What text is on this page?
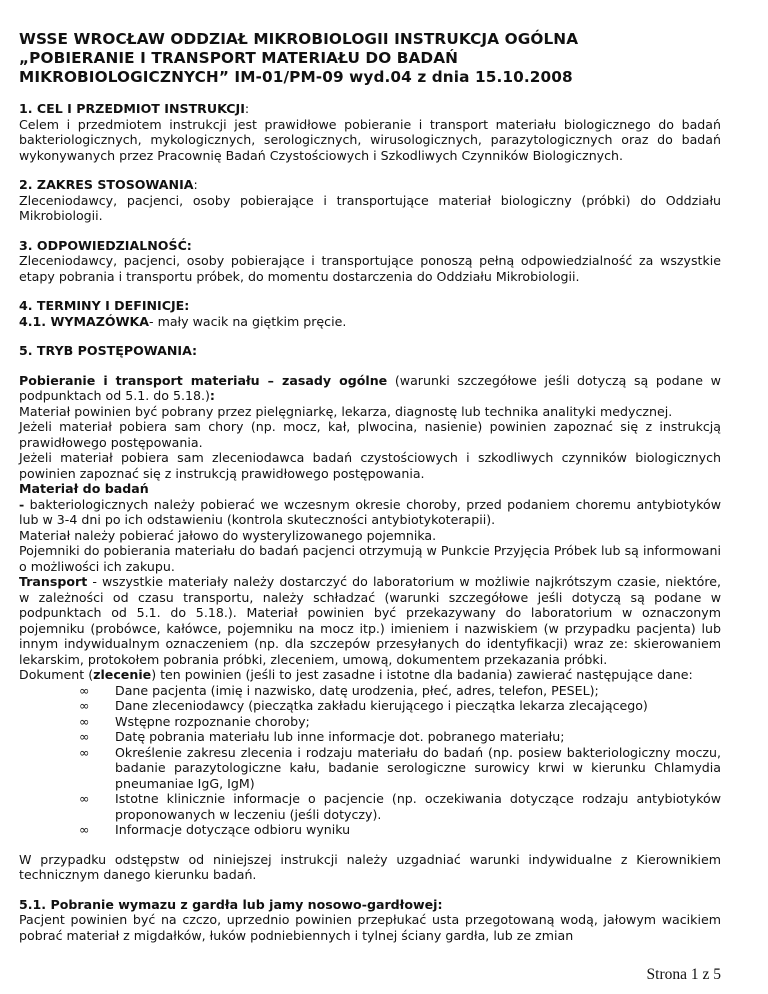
WSSE WROCŁAW ODDZIAŁ MIKROBIOLOGII INSTRUKCJA OGÓLNA
„POBIERANIE I TRANSPORT MATERIAŁU DO BADAŃ
MIKROBIOLOGICZNYCH” IM-01/PM-09 wyd.04 z dnia 15.10.2008
1. CEL I PRZEDMIOT INSTRUKCJI:

Celem i przedmiotem instrukcji jest prawidłowe pobieranie i transport materiału biologicznego do badań bakteriologicznych, mykologicznych, serologicznych, wirusologicznych, parazytologicznych oraz do badań wykonywanych przez Pracownię Badań Czystościowych i Szkodliwych Czynników Biologicznych.

2. ZAKRES STOSOWANIA:

Zleceniodawcy, pacjenci, osoby pobierające i transportujące materiał biologiczny (próbki) do Oddziału Mikrobiologii.

3. ODPOWIEDZIALNOŚĆ:

Zleceniodawcy, pacjenci, osoby pobierające i transportujące ponoszą pełną odpowiedzialność za wszystkie etapy pobrania i transportu próbek, do momentu dostarczenia do Oddziału Mikrobiologii.

4. TERMINY I DEFINICJE:
4.1. WYMAZÓWKA- mały wacik na giętkim pręcie.
5. TRYB POSTĘPOWANIA:

Pobieranie i transport materiału – zasady ogólne (warunki szczegółowe jeśli dotyczą są podane w podpunktach od 5.1. do 5.18.):

Materiał powinien być pobrany przez pielęgniarkę, lekarza, diagnostę lub technika analityki medycznej.

Jeżeli materiał pobiera sam chory (np. mocz, kał, plwocina, nasienie) powinien zapoznać się z instrukcją prawidłowego postępowania.

Jeżeli materiał pobiera sam zleceniodawca badań czystościowych i szkodliwych czynników biologicznych powinien zapoznać się z instrukcją prawidłowego postępowania.

Materiał do badań

- bakteriologicznych należy pobierać we wczesnym okresie choroby, przed podaniem choremu antybiotyków lub w 3-4 dni po ich odstawieniu (kontrola skuteczności antybiotykoterapii).

Materiał należy pobierać jałowo do wysterylizowanego pojemnika.

Pojemniki do pobierania materiału do badań pacjenci otrzymują w Punkcie Przyjęcia Próbek lub są informowani o możliwości ich zakupu.

Transport - wszystkie materiały należy dostarczyć do laboratorium w możliwie najkrótszym czasie, niektóre, w zależności od czasu transportu, należy schładzać (warunki szczegółowe jeśli dotyczą są podane w podpunktach od 5.1. do 5.18.). Materiał powinien być przekazywany do laboratorium w oznaczonym pojemniku (probówce, kałówce, pojemniku na mocz itp.) imieniem i nazwiskiem (w przypadku pacjenta) lub innym indywidualnym oznaczeniem (np. dla szczepów przesyłanych do identyfikacji) wraz ze: skierowaniem lekarskim, protokołem pobrania próbki, zleceniem, umową, dokumentem przekazania próbki.

Dokument (zlecenie) ten powinien (jeśli to jest zasadne i istotne dla badania) zawierać następujące dane:

∞ Dane pacjenta (imię i nazwisko, datę urodzenia, płeć, adres, telefon, PESEL);
∞ Dane zleceniodawcy (pieczątka zakładu kierującego i pieczątka lekarza zlecającego)
∞ Wstępne rozpoznanie choroby;
∞ Datę pobrania materiału lub inne informacje dot. pobranego materiału;
∞ Określenie zakresu zlecenia i rodzaju materiału do badań (np. posiew bakteriologiczny moczu, badanie parazytologiczne kału, badanie serologiczne surowicy krwi w kierunku Chlamydia pneumaniae IgG, IgM)
∞ Istotne klinicznie informacje o pacjencie (np. oczekiwania dotyczące rodzaju antybiotyków proponowanych w leczeniu (jeśli dotyczy).
∞ Informacje dotyczące odbioru wyniku

W przypadku odstępstw od niniejszej instrukcji należy uzgadniać warunki indywidualne z Kierownikiem technicznym danego kierunku badań.

5.1. Pobranie wymazu z gardła lub jamy nosowo-gardłowej:

Pacjent powinien być na czczo, uprzednio powinien przepłukać usta przegotowaną wodą, jałowym wacikiem pobrać materiał z migdałków, łuków podniebiennych i tylnej ściany gardła, lub ze zmian

Strona 1 z 5
